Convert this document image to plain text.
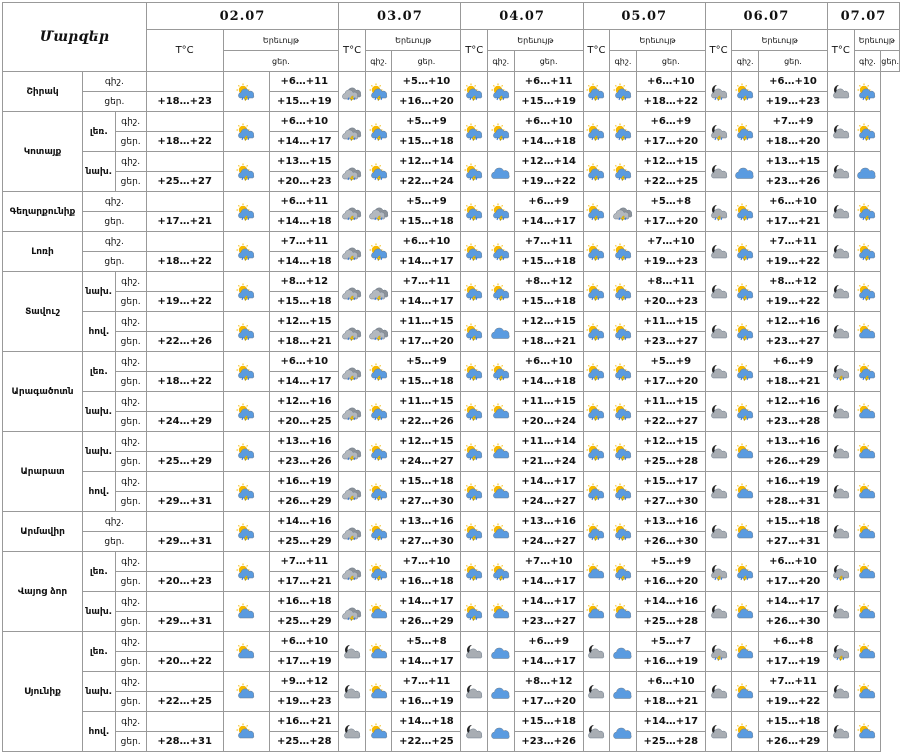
Մարզեր			02.07			03.07			04.07			05.07			06.07			07.07		
			T°C	Երեւույթ		T°C	Երեւույթ		T°C	Երեւույթ		T°C	Երեւույթ		T°C	Երեւույթ		T°C	Երեւույթ	
				ցեր.			գիշ.	ցեր.		գիշ.	ցեր.		գիշ.	ցեր.		գիշ.	ցեր.		գիշ.	ցեր.
Շիրակ	գիշ.				+6…+11			+5…+10			+6…+11			+6…+10			+6…+10		
	ցեր.		+18…+23		+15…+19			+16…+20			+15…+19			+18…+22			+19…+23			
Կոտայք	լեռ.	գիշ.			+6…+10			+5…+9			+6…+10			+6…+9			+7…+9		
		ցեր.	+18…+22		+14…+17			+15…+18			+14…+18			+17…+20			+18…+20			
	նախ.	գիշ.			+13…+15			+12…+14			+12…+14			+12…+15			+13…+15		
		ցեր.	+25…+27		+20…+23			+22…+24			+19…+22			+22…+25			+23…+26			
Գեղարքունիք	գիշ.				+6…+11			+5…+9			+6…+9			+5…+8			+6…+10		
	ցեր.		+17…+21		+14…+18			+15…+18			+14…+17			+17…+20			+17…+21			
Լոռի	գիշ.				+7…+11			+6…+10			+7…+11			+7…+10			+7…+11		
	ցեր.		+18…+22		+14…+18			+14…+17			+15…+18			+19…+23			+19…+22			
Տավուշ	նախ.	գիշ.			+8…+12			+7…+11			+8…+12			+8…+11			+8…+12		
		ցեր.	+19…+22		+15…+18			+14…+17			+15…+18			+20…+23			+19…+22			
	հով.	գիշ.			+12…+15			+11…+15			+12…+15			+11…+15			+12…+16		
		ցեր.	+22…+26		+18…+21			+17…+20			+18…+21			+23…+27			+23…+27			
Արագածոտն	լեռ.	գիշ.			+6…+10			+5…+9			+6…+10			+5…+9			+6…+9		
		ցեր.	+18…+22		+14…+17			+15…+18			+14…+18			+17…+20			+18…+21			
	նախ.	գիշ.			+12…+16			+11…+15			+11…+15			+11…+15			+12…+16		
		ցեր.	+24…+29		+20…+25			+22…+26			+20…+24			+22…+27			+23…+28			
Արարատ	նախ.	գիշ.			+13…+16			+12…+15			+11…+14			+12…+15			+13…+16		
		ցեր.	+25…+29		+23…+26			+24…+27			+21…+24			+25…+28			+26…+29			
	հով.	գիշ.			+16…+19			+15…+18			+14…+17			+15…+17			+16…+19		
		ցեր.	+29…+31		+26…+29			+27…+30			+24…+27			+27…+30			+28…+31			
Արմավիր	գիշ.				+14…+16			+13…+16			+13…+16			+13…+16			+15…+18		
	ցեր.		+29…+31		+25…+29			+27…+30			+24…+27			+26…+30			+27…+31			
Վայոց ձոր	լեռ.	գիշ.			+7…+11			+7…+10			+7…+10			+5…+9			+6…+10		
		ցեր.	+20…+23		+17…+21			+16…+18			+14…+17			+16…+20			+17…+20			
	նախ.	գիշ.			+16…+18			+14…+17			+14…+17			+14…+16			+14…+17		
		ցեր.	+29…+31		+25…+29			+26…+29			+23…+27			+25…+28			+26…+30			
Սյունիք	լեռ.	գիշ.			+6…+10			+5…+8			+6…+9			+5…+7			+6…+8		
		ցեր.	+20…+22		+17…+19			+14…+17			+14…+17			+16…+19			+17…+19			
	նախ.	գիշ.			+9…+12			+7…+11			+8…+12			+6…+10			+7…+11		
		ցեր.	+22…+25		+19…+23			+16…+19			+17…+20			+18…+21			+19…+22			
	հով.	գիշ.			+16…+21			+14…+18			+15…+18			+14…+17			+15…+18		
		ցեր.	+28…+31		+25…+28			+22…+25			+23…+26			+25…+28			+26…+29			
